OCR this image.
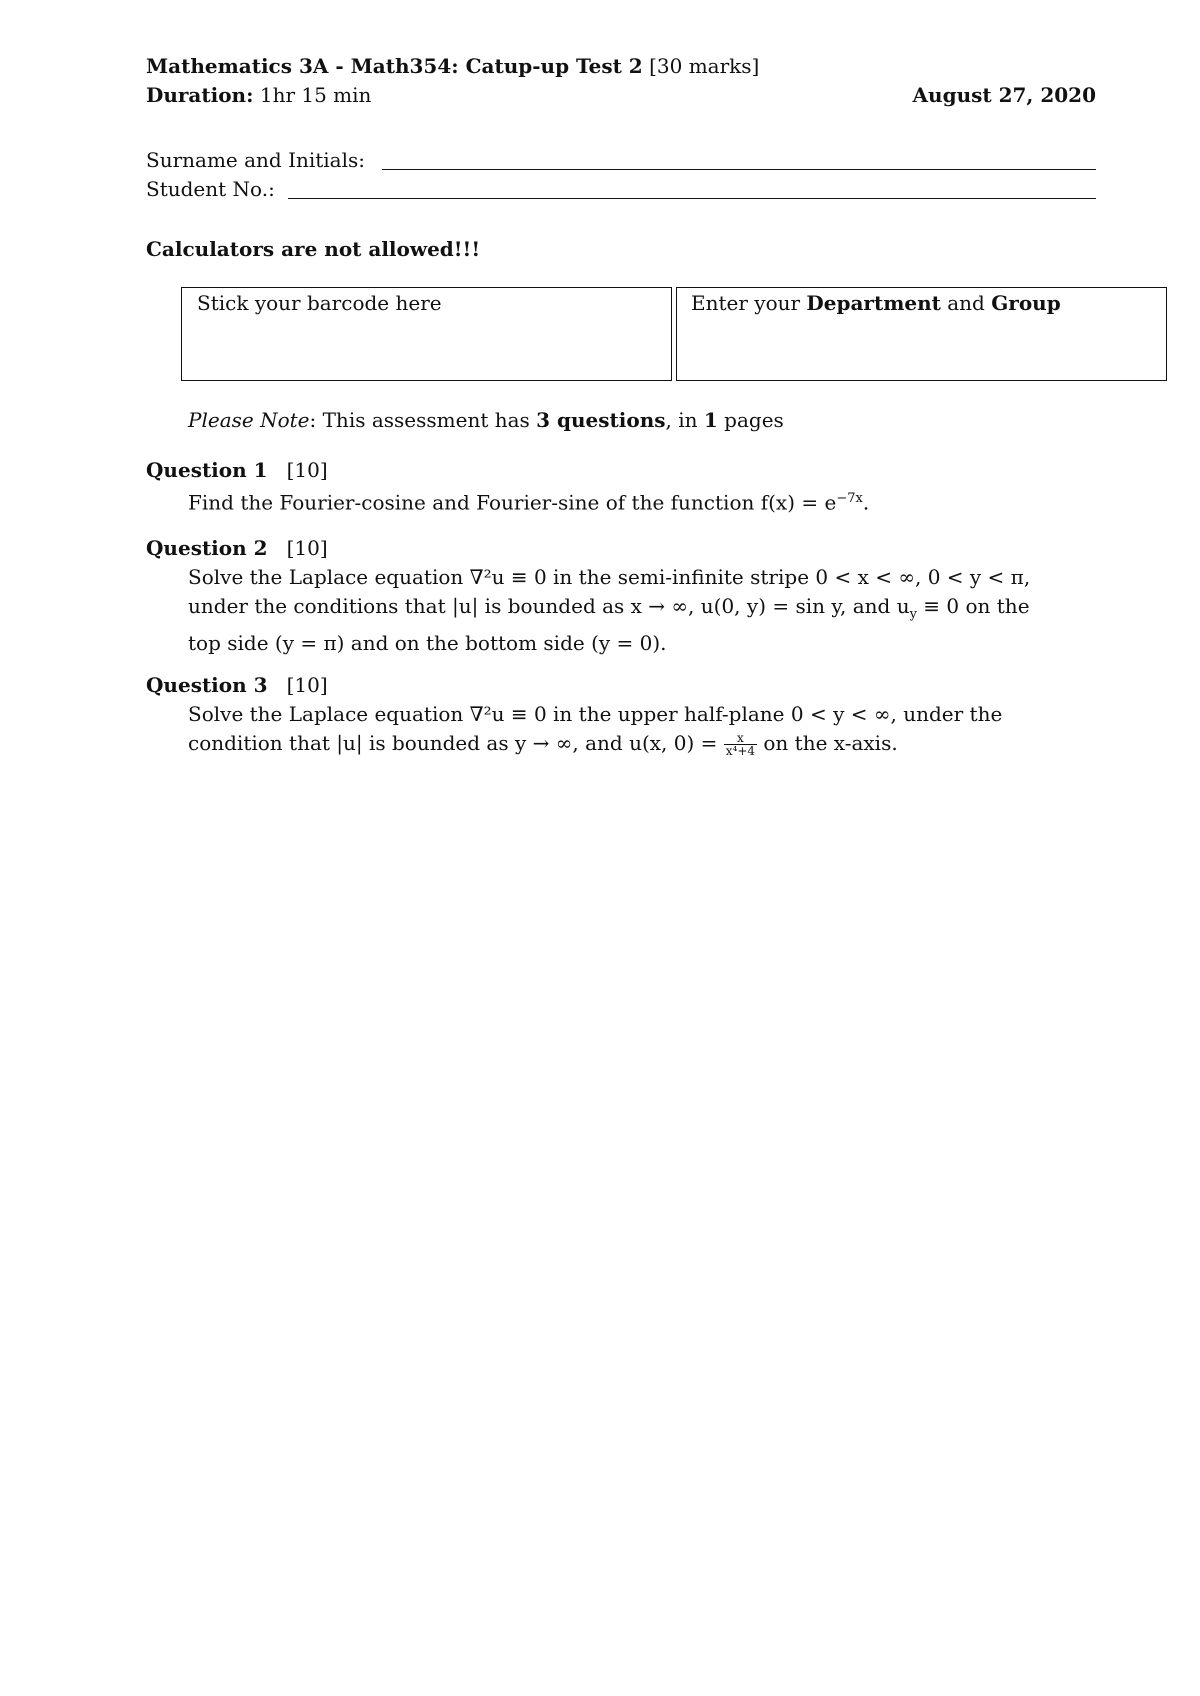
Mathematics 3A - Math354: Catup-up Test 2 [30 marks]
Duration: 1hr 15 min	August 27, 2020
Surname and Initials:
Student No.:
Calculators are not allowed!!!
Stick your barcode here	Enter your Department and Group
Please Note: This assessment has 3 questions, in 1 pages
Question 1 [10]
Find the Fourier-cosine and Fourier-sine of the function $f(x) = e^{-7x}$.
Question 2 [10]
Solve the Laplace equation ∇²u ≡ 0 in the semi-infinite stripe 0 < x < ∞, 0 < y < π,
under the conditions that |u| is bounded as x → ∞, u(0, y) = sin y, and $u_y \equiv 0$ on the
top side (y = π) and on the bottom side (y = 0).
Question 3 [10]
Solve the Laplace equation ∇²u ≡ 0 in the upper half-plane 0 < y < ∞, under the
condition that |u| is bounded as y → ∞, and u(x, $0) = \frac{x}{\text{x⁴+4}}$ on the x-axis.
